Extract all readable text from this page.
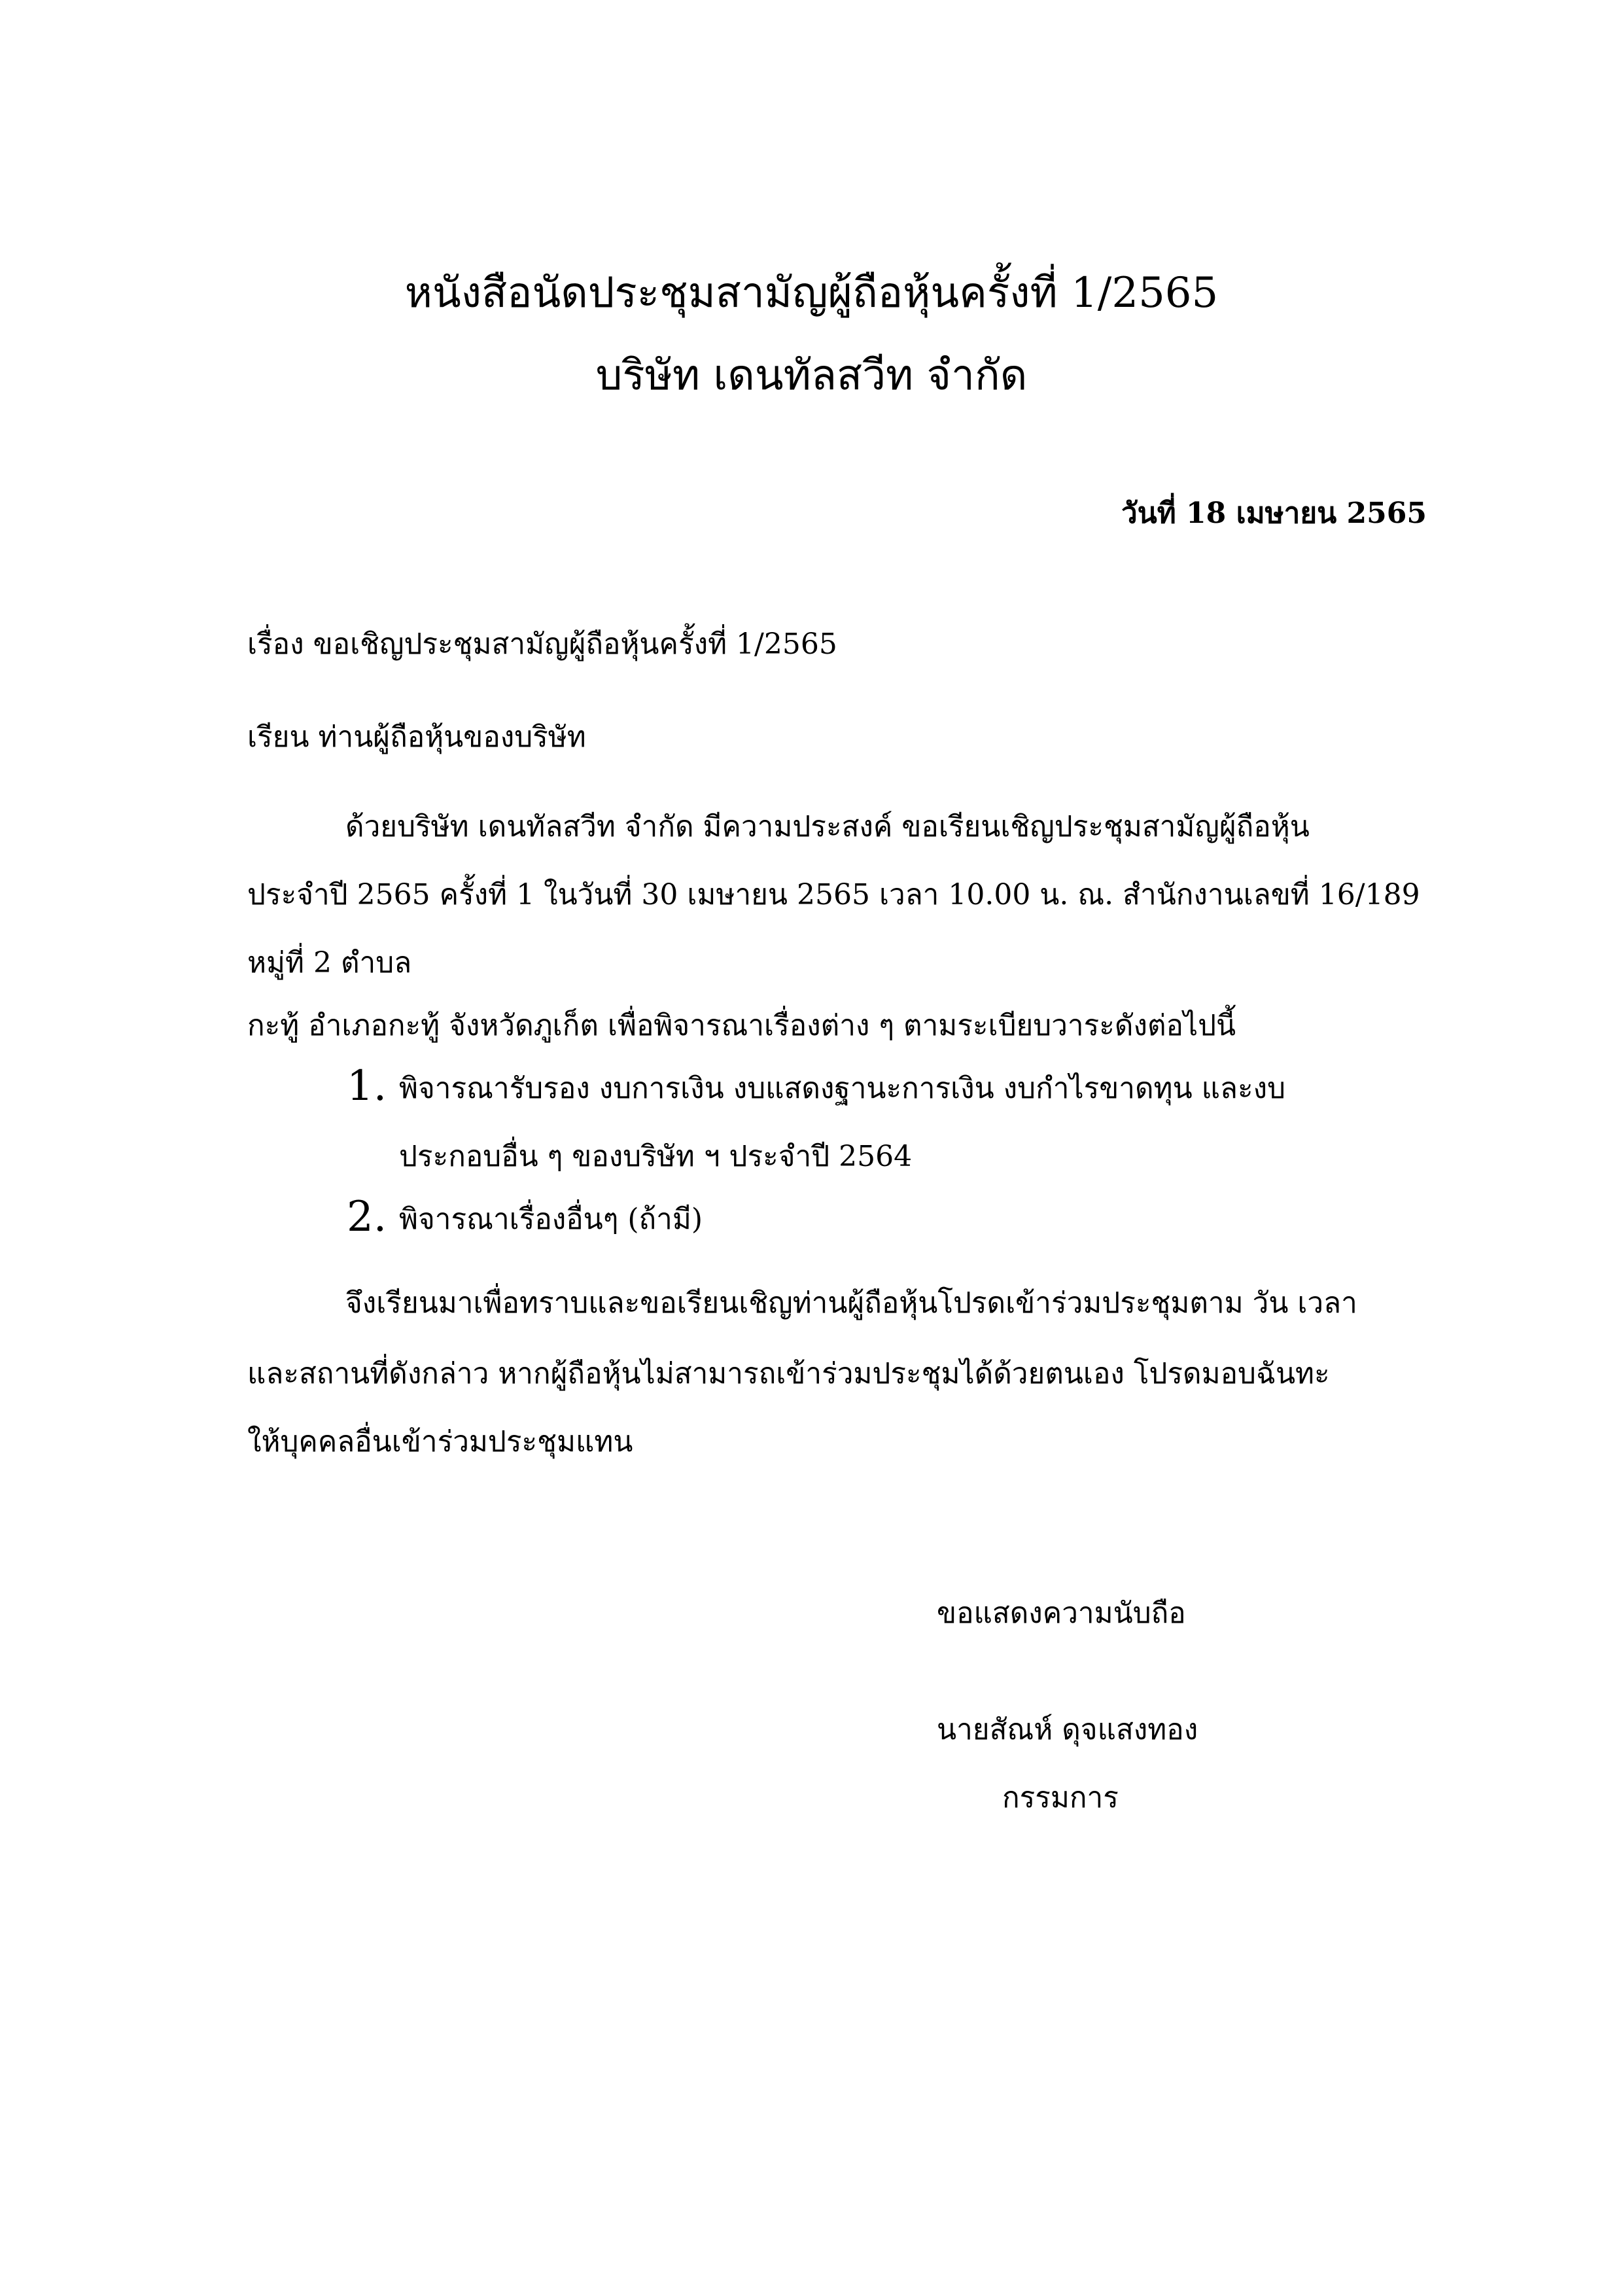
หนังสือนัดประชุมสามัญผู้ถือหุ้นครั้งที่ 1/2565
บริษัท เดนทัลสวีท จำกัด
วันที่ 18 เมษายน 2565
เรื่อง ขอเชิญประชุมสามัญผู้ถือหุ้นครั้งที่ 1/2565
เรียน ท่านผู้ถือหุ้นของบริษัท
ด้วยบริษัท เดนทัลสวีท จำกัด มีความประสงค์ ขอเรียนเชิญประชุมสามัญผู้ถือหุ้น
ประจำปี 2565 ครั้งที่ 1 ในวันที่ 30 เมษายน 2565 เวลา 10.00 น. ณ. สำนักงานเลขที่ 16/189
หมู่ที่ 2 ตำบล
กะทู้ อำเภอกะทู้ จังหวัดภูเก็ต เพื่อพิจารณาเรื่องต่าง ๆ ตามระเบียบวาระดังต่อไปนี้
1. พิจารณารับรอง งบการเงิน งบแสดงฐานะการเงิน งบกำไรขาดทุน และงบ
ประกอบอื่น ๆ ของบริษัท ฯ ประจำปี 2564
2. พิจารณาเรื่องอื่นๆ (ถ้ามี)
จึงเรียนมาเพื่อทราบและขอเรียนเชิญท่านผู้ถือหุ้นโปรดเข้าร่วมประชุมตาม วัน เวลา
และสถานที่ดังกล่าว หากผู้ถือหุ้นไม่สามารถเข้าร่วมประชุมได้ด้วยตนเอง โปรดมอบฉันทะ
ให้บุคคลอื่นเข้าร่วมประชุมแทน
ขอแสดงความนับถือ
นายสัณห์ ดุจแสงทอง
กรรมการ
